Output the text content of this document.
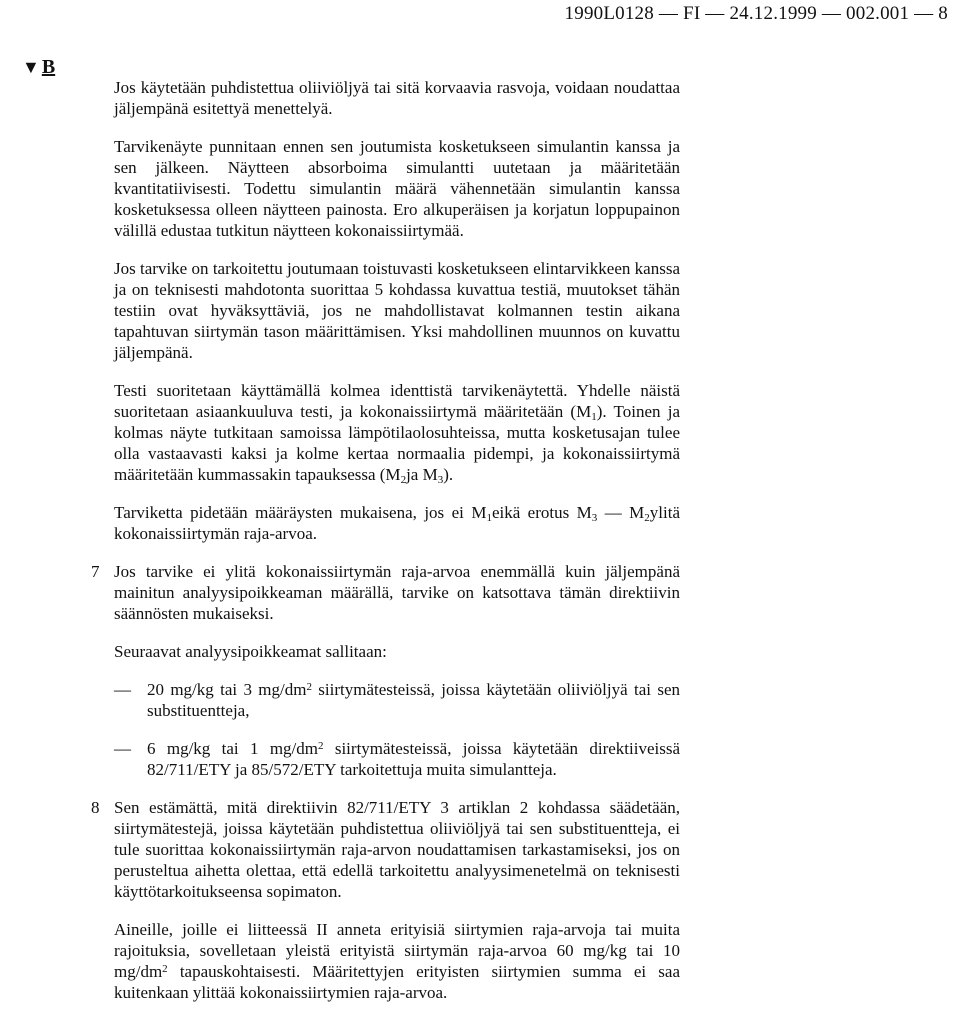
1990L0128 — FI — 24.12.1999 — 002.001 — 8
▼ B

Jos käytetään puhdistettua oliiviöljyä tai sitä korvaavia rasvoja, voidaan noudattaa jäljempänä esitettyä menettelyä.

Tarvikenäyte punnitaan ennen sen joutumista kosketukseen simulantin kanssa ja sen jälkeen. Näytteen absorboima simulantti uutetaan ja määritetään kvantitatiivisesti. Todettu simulantin määrä vähennetään simulantin kanssa kosketuksessa olleen näytteen painosta. Ero alkuperäisen ja korjatun loppupainon välillä edustaa tutkitun näytteen kokonaissiirtymää.

Jos tarvike on tarkoitettu joutumaan toistuvasti kosketukseen elintarvikkeen kanssa ja on teknisesti mahdotonta suorittaa 5 kohdassa kuvattua testiä, muutokset tähän testiin ovat hyväksyttäviä, jos ne mahdollistavat kolmannen testin aikana tapahtuvan siirtymän tason määrittämisen. Yksi mahdollinen muunnos on kuvattu jäljempänä.

Testi suoritetaan käyttämällä kolmea identtistä tarvikenäytettä. Yhdelle näistä suoritetaan asiaankuuluva testi, ja kokonaissiirtymä määritetään $(M_1)$. Toinen ja kolmas näyte tutkitaan samoissa lämpötilaolosuhteissa, mutta kosketusajan tulee olla vastaavasti kaksi ja kolme kertaa normaalia pidempi, ja kokonaissiirtymä määritetään kummassakin tapauksessa ($M_2ja$ $M_3$).

Tarviketta pidetään määräysten mukaisena, jos ei $M_1eikä$ erotus $M_3$ — $M_2ylitä$ kokonaissiirtymän raja-arvoa.

7 Jos tarvike ei ylitä kokonaissiirtymän raja-arvoa enemmällä kuin jäljempänä mainitun analyysipoikkeaman määrällä, tarvike on katsottava tämän direktiivin säännösten mukaiseksi.

Seuraavat analyysipoikkeamat sallitaan:

— 20 mg/kg tai 3 $mg/dm^2$ siirtymätesteissä, joissa käytetään oliiviöljyä tai sen substituentteja,
— 6 mg/kg tai 1 $mg/dm^2$ siirtymätesteissä, joissa käytetään direktiiveissä 82/711/ETY ja 85/572/ETY tarkoitettuja muita simulantteja.

8 Sen estämättä, mitä direktiivin 82/711/ETY 3 artiklan 2 kohdassa säädetään, siirtymätestejä, joissa käytetään puhdistettua oliiviöljyä tai sen substituentteja, ei tule suorittaa kokonaissiirtymän raja-arvon noudattamisen tarkastamiseksi, jos on perusteltua aihetta olettaa, että edellä tarkoitettu analyysimenetelmä on teknisesti käyttötarkoitukseensa sopimaton.

Aineille, joille ei liitteessä II anneta erityisiä siirtymien raja-arvoja tai muita rajoituksia, sovelletaan yleistä erityistä siirtymän raja-arvoa 60 mg/kg tai 10 $mg/dm^2$ tapauskohtaisesti. Määritettyjen erityisten siirtymien summa ei saa kuitenkaan ylittää kokonaissiirtymien raja-arvoa.
